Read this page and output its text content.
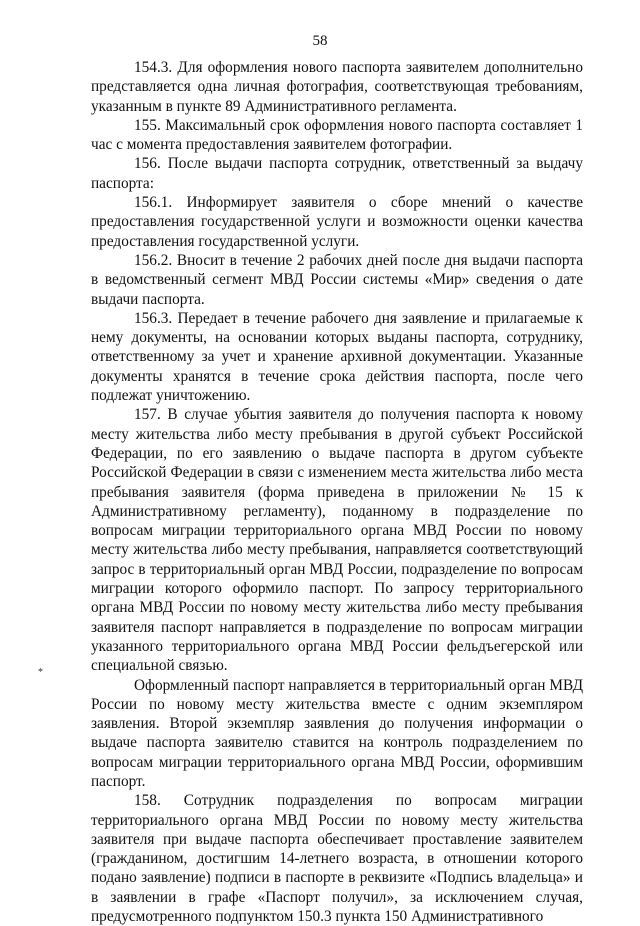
58
*

154.3. Для оформления нового паспорта заявителем дополнительно представляется одна личная фотография, соответствующая требованиям, указанным в пункте 89 Административного регламента.

155. Максимальный срок оформления нового паспорта составляет 1 час с момента предоставления заявителем фотографии.

156. После выдачи паспорта сотрудник, ответственный за выдачу паспорта:

156.1. Информирует заявителя о сборе мнений о качестве предоставления государственной услуги и возможности оценки качества предоставления государственной услуги.

156.2. Вносит в течение 2 рабочих дней после дня выдачи паспорта в ведомственный сегмент МВД России системы «Мир» сведения о дате выдачи паспорта.

156.3. Передает в течение рабочего дня заявление и прилагаемые к нему документы, на основании которых выданы паспорта, сотруднику, ответственному за учет и хранение архивной документации. Указанные документы хранятся в течение срока действия паспорта, после чего подлежат уничтожению.

157. В случае убытия заявителя до получения паспорта к новому месту жительства либо месту пребывания в другой субъект Российской Федерации, по его заявлению о выдаче паспорта в другом субъекте Российской Федерации в связи с изменением места жительства либо места пребывания заявителя (форма приведена в приложении № 15 к Административному регламенту), поданному в подразделение по вопросам миграции территориального органа МВД России по новому месту жительства либо месту пребывания, направляется соответствующий запрос в территориальный орган МВД России, подразделение по вопросам миграции которого оформило паспорт. По запросу территориального органа МВД России по новому месту жительства либо месту пребывания заявителя паспорт направляется в подразделение по вопросам миграции указанного территориального органа МВД России фельдъегерской или специальной связью.

Оформленный паспорт направляется в территориальный орган МВД России по новому месту жительства вместе с одним экземпляром заявления. Второй экземпляр заявления до получения информации о выдаче паспорта заявителю ставится на контроль подразделением по вопросам миграции территориального органа МВД России, оформившим паспорт.

158. Сотрудник подразделения по вопросам миграции территориального органа МВД России по новому месту жительства заявителя при выдаче паспорта обеспечивает проставление заявителем (гражданином, достигшим 14-летнего возраста, в отношении которого подано заявление) подписи в паспорте в реквизите «Подпись владельца» и в заявлении в графе «Паспорт получил», за исключением случая, предусмотренного подпунктом 150.3 пункта 150 Административного
